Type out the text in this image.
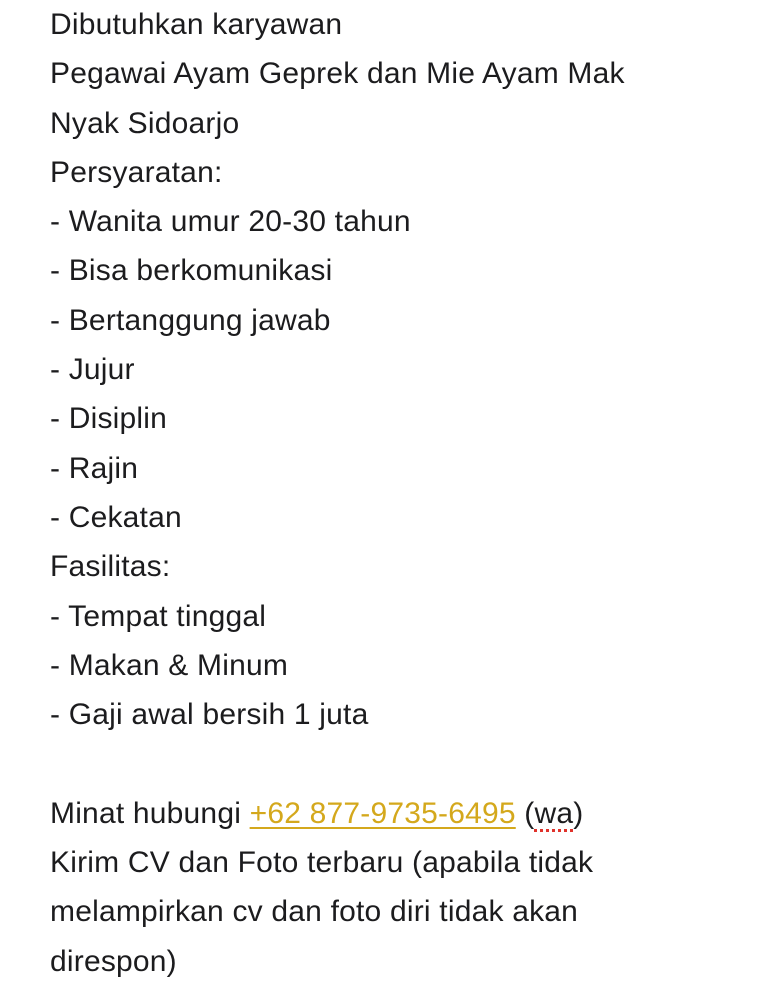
Dibutuhkan karyawan
Pegawai Ayam Geprek dan Mie Ayam Mak
Nyak Sidoarjo
Persyaratan:
- Wanita umur 20-30 tahun
- Bisa berkomunikasi
- Bertanggung jawab
- Jujur
- Disiplin
- Rajin
- Cekatan
Fasilitas:
- Tempat tinggal
- Makan & Minum
- Gaji awal bersih 1 juta
Minat hubungi +62 877-9735-6495 (wa)
Kirim CV dan Foto terbaru (apabila tidak
melampirkan cv dan foto diri tidak akan
direspon)
